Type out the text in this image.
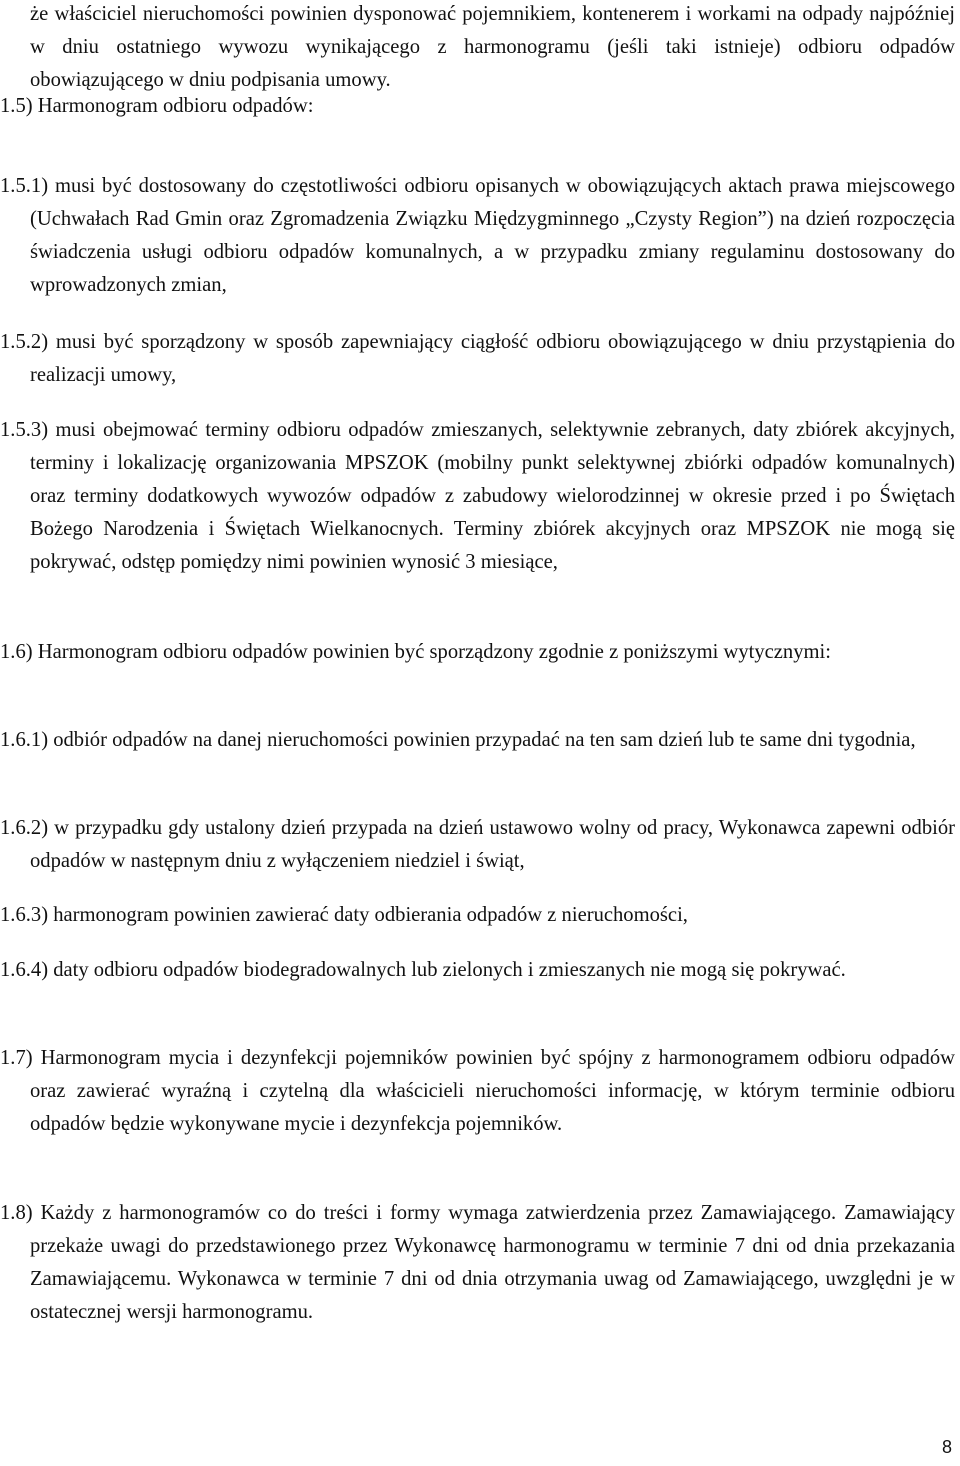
że właściciel nieruchomości powinien dysponować pojemnikiem, kontenerem i workami na odpady najpóźniej w dniu ostatniego wywozu wynikającego z harmonogramu (jeśli taki istnieje) odbioru odpadów obowiązującego w dniu podpisania umowy.

1.5) Harmonogram odbioru odpadów:

1.5.1) musi być dostosowany do częstotliwości odbioru opisanych w obowiązujących aktach prawa miejscowego (Uchwałach Rad Gmin oraz Zgromadzenia Związku Międzygminnego „Czysty Region”) na dzień rozpoczęcia świadczenia usługi odbioru odpadów komunalnych, a w przypadku zmiany regulaminu dostosowany do wprowadzonych zmian,

1.5.2) musi być sporządzony w sposób zapewniający ciągłość odbioru obowiązującego w dniu przystąpienia do realizacji umowy,

1.5.3) musi obejmować terminy odbioru odpadów zmieszanych, selektywnie zebranych, daty zbiórek akcyjnych, terminy i lokalizację organizowania MPSZOK (mobilny punkt selektywnej zbiórki odpadów komunalnych) oraz terminy dodatkowych wywozów odpadów z zabudowy wielorodzinnej w okresie przed i po Świętach Bożego Narodzenia i Świętach Wielkanocnych. Terminy zbiórek akcyjnych oraz MPSZOK nie mogą się pokrywać, odstęp pomiędzy nimi powinien wynosić 3 miesiące,

1.6) Harmonogram odbioru odpadów powinien być sporządzony zgodnie z poniższymi wytycznymi:

1.6.1) odbiór odpadów na danej nieruchomości powinien przypadać na ten sam dzień lub te same dni tygodnia,

1.6.2) w przypadku gdy ustalony dzień przypada na dzień ustawowo wolny od pracy, Wykonawca zapewni odbiór odpadów w następnym dniu z wyłączeniem niedziel i świąt,

1.6.3) harmonogram powinien zawierać daty odbierania odpadów z nieruchomości,

1.6.4) daty odbioru odpadów biodegradowalnych lub zielonych i zmieszanych nie mogą się pokrywać.

1.7) Harmonogram mycia i dezynfekcji pojemników powinien być spójny z harmonogramem odbioru odpadów oraz zawierać wyraźną i czytelną dla właścicieli nieruchomości informację, w którym terminie odbioru odpadów będzie wykonywane mycie i dezynfekcja pojemników.

1.8) Każdy z harmonogramów co do treści i formy wymaga zatwierdzenia przez Zamawiającego. Zamawiający przekaże uwagi do przedstawionego przez Wykonawcę harmonogramu w terminie 7 dni od dnia przekazania Zamawiającemu. Wykonawca w terminie 7 dni od dnia otrzymania uwag od Zamawiającego, uwzględni je w ostatecznej wersji harmonogramu.

8
